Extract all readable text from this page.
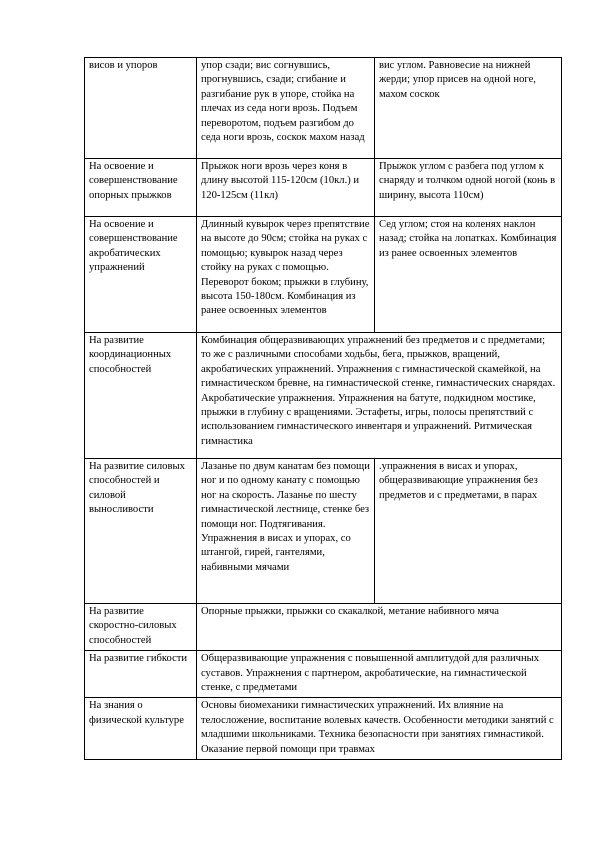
висов и упоров	упор сзади; вис согнувшись, прогнувшись, сзади; сгибание и разгибание рук в упоре, стойка на плечах из седа ноги врозь. Подъем переворотом, подъем разгибом до седа ноги врозь, соскок махом назад	вис углом. Равновесие на нижней жерди; упор присев на одной ноге, махом соскок
На освоение и совершенствование опорных прыжков	Прыжок ноги врозь через коня в длину высотой 115-120см (10кл.) и 120-125см (11кл)	Прыжок углом с разбега под углом к снаряду и толчком одной ногой (конь в ширину, высота 110см)
На освоение и совершенствование акробатических упражнений	Длинный кувырок через препятствие на высоте до 90см; стойка на руках с помощью; кувырок назад через стойку на руках с помощью. Переворот боком; прыжки в глубину, высота 150-180см. Комбинация из ранее освоенных элементов	Сед углом; стоя на коленях наклон назад; стойка на лопатках. Комбинация из ранее освоенных элементов
На развитие координационных способностей	Комбинация общеразвивающих упражнений без предметов и с предметами; то же с различными способами ходьбы, бега, прыжков, вращений, акробатических упражнений. Упражнения с гимнастической скамейкой, на гимнастическом бревне, на гимнастической стенке, гимнастических снарядах. Акробатические упражнения. Упражнения на батуте, подкидном мостике, прыжки в глубину с вращениями. Эстафеты, игры, полосы препятствий с использованием гимнастического инвентаря и упражнений. Ритмическая гимнастика	
На развитие силовых способностей и силовой выносливости	Лазанье по двум канатам без помощи ног и по одному канату с помощью ног на скорость. Лазанье по шесту гимнастической лестнице, стенке без помощи ног. Подтягивания. Упражнения в висах и упорах, со штангой, гирей, гантелями, набивными мячами	.упражнения в висах и упорах, общеразвивающие упражнения без предметов и с предметами, в парах
На развитие скоростно-силовых способностей	Опорные прыжки, прыжки со скакалкой, метание набивного мяча	
На развитие гибкости	Общеразвивающие упражнения с повышенной амплитудой для различных суставов. Упражнения с партнером, акробатические, на гимнастической стенке, с предметами	
На знания о физической культуре	Основы биомеханики гимнастических упражнений. Их влияние на телосложение, воспитание волевых качеств. Особенности методики занятий с младшими школьниками. Техника безопасности при занятиях гимнастикой. Оказание первой помощи при травмах	
